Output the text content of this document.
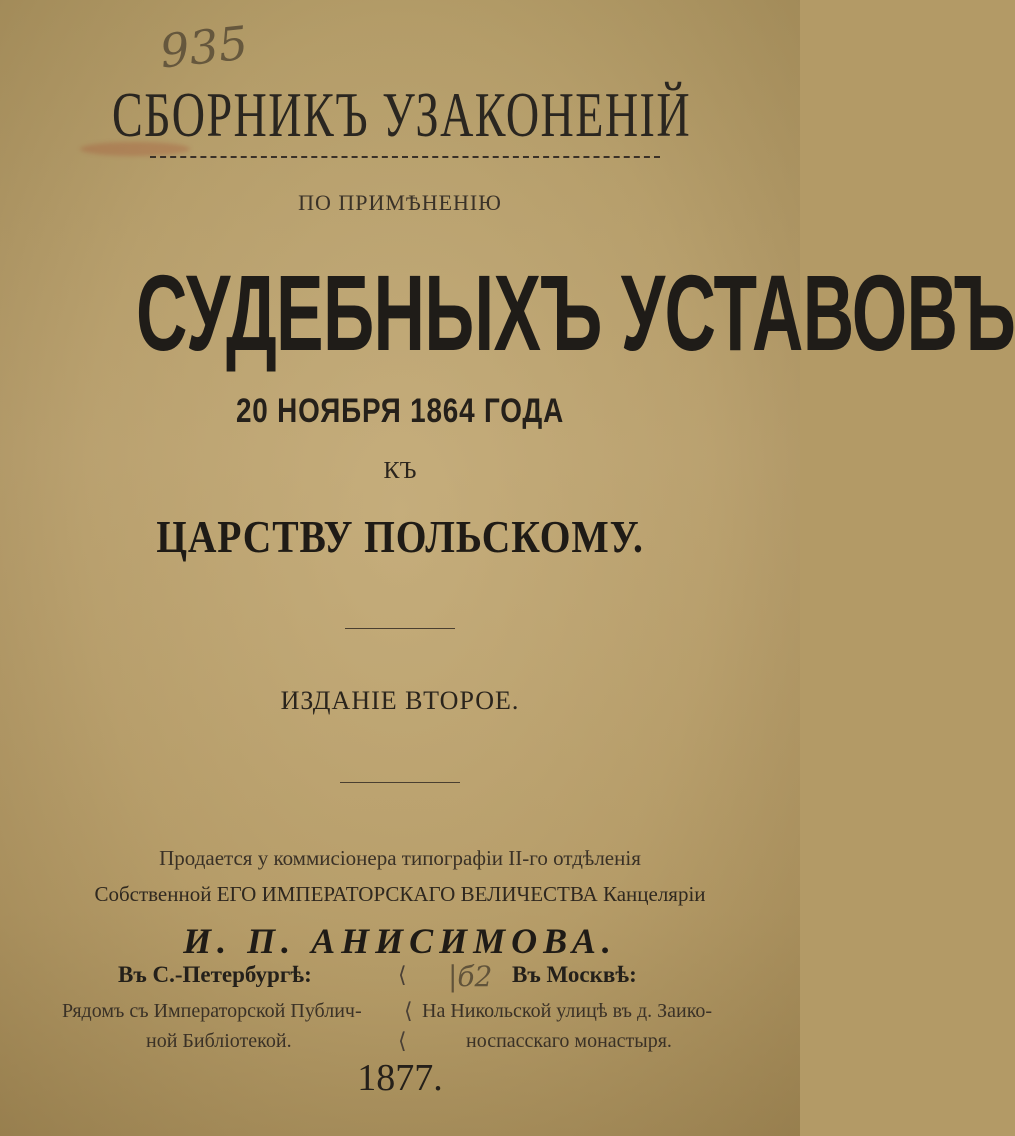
935
СБОРНИКЪ УЗАКОНЕНІЙ
ПО ПРИМѢНЕНІЮ
СУДЕБНЫХЪ УСТАВОВЪ
20 НОЯБРЯ 1864 ГОДА
КЪ
ЦАРСТВУ ПОЛЬСКОМУ.
ИЗДАНІЕ ВТОРОЕ.
Продается у коммисіонера типографіи II-го отдѣленія
Собственной ЕГО ИМПЕРАТОРСКАГО ВЕЛИЧЕСТВА Канцеляріи
И. П. АНИСИМОВА.
Въ С.-Петербургѣ:	⟨ |б2 Въ Москвѣ:
Рядомъ съ Императорской Публич- ⟨ На Никольской улицѣ въ д. Заико-
ной Библіотекой.	⟨	носпасскаго монастыря.
1877.
